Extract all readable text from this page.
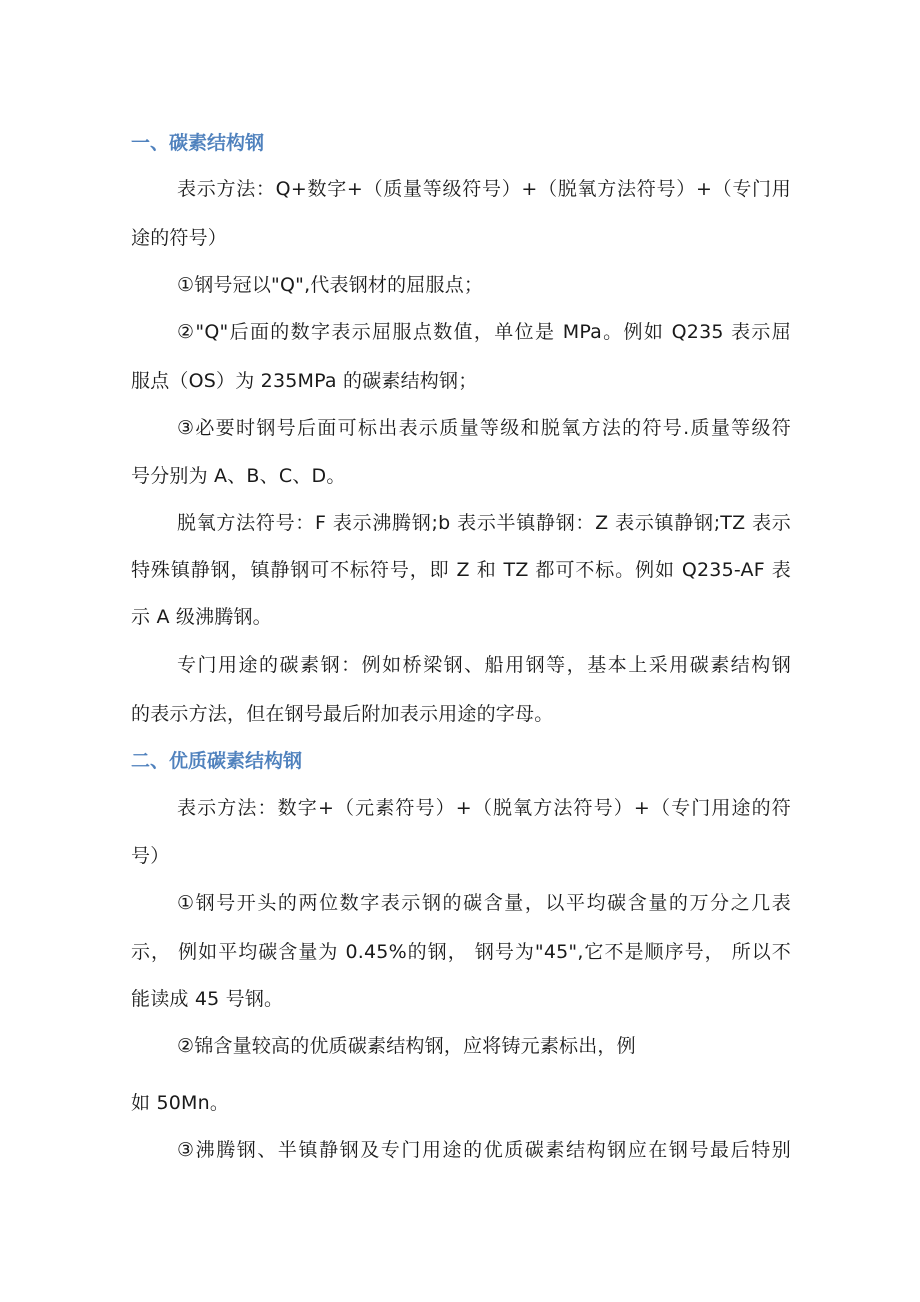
一、碳素结构钢
表示方法：Q+数字+（质量等级符号）+（脱氧方法符号）+（专门用
途的符号）
①钢号冠以"Q",代表钢材的屈服点；
②"Q"后面的数字表示屈服点数值，单位是 MPa。例如 Q235 表示屈
服点（OS）为 235MPa 的碳素结构钢；
③必要时钢号后面可标出表示质量等级和脱氧方法的符号.质量等级符
号分别为 A、B、C、D。
脱氧方法符号：F 表示沸腾钢;b 表示半镇静钢：Z 表示镇静钢;TZ 表示
特殊镇静钢，镇静钢可不标符号，即 Z 和 TZ 都可不标。例如 Q235-AF 表
示 A 级沸腾钢。
专门用途的碳素钢：例如桥梁钢、船用钢等，基本上采用碳素结构钢
的表示方法，但在钢号最后附加表示用途的字母。
二、优质碳素结构钢
表示方法：数字+（元素符号）+（脱氧方法符号）+（专门用途的符
号）
①钢号开头的两位数字表示钢的碳含量，以平均碳含量的万分之几表
示， 例如平均碳含量为 0.45%的钢， 钢号为"45",它不是顺序号， 所以不
能读成 45 号钢。
②锦含量较高的优质碳素结构钢，应将铸元素标出，例
如 50Mn。
③沸腾钢、半镇静钢及专门用途的优质碳素结构钢应在钢号最后特别
